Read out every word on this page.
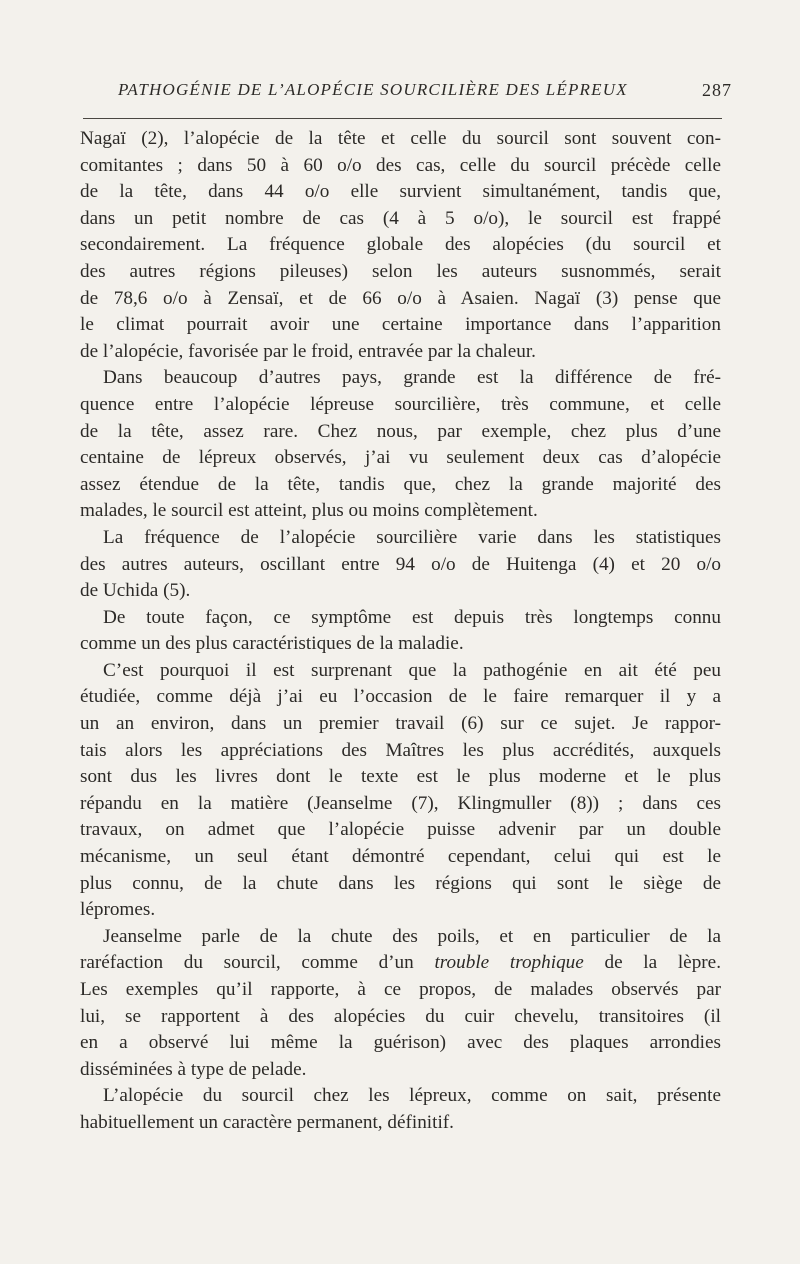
PATHOGÉNIE DE L’ALOPÉCIE SOURCILIÈRE DES LÉPREUX	287

Nagaï (2), l’alopécie de la tête et celle du sourcil sont souvent con-
comitantes ; dans 50 à 60 o/o des cas, celle du sourcil précède celle
de la tête, dans 44 o/o elle survient simultanément, tandis que,
dans un petit nombre de cas (4 à 5 o/o), le sourcil est frappé
secondairement. La fréquence globale des alopécies (du sourcil et
des autres régions pileuses) selon les auteurs susnommés, serait
de 78,6 o/o à Zensaï, et de 66 o/o à Asaien. Nagaï (3) pense que
le climat pourrait avoir une certaine importance dans l’apparition
de l’alopécie, favorisée par le froid, entravée par la chaleur.

Dans beaucoup d’autres pays, grande est la différence de fré-
quence entre l’alopécie lépreuse sourcilière, très commune, et celle
de la tête, assez rare. Chez nous, par exemple, chez plus d’une
centaine de lépreux observés, j’ai vu seulement deux cas d’alopécie
assez étendue de la tête, tandis que, chez la grande majorité des
malades, le sourcil est atteint, plus ou moins complètement.

La fréquence de l’alopécie sourcilière varie dans les statistiques
des autres auteurs, oscillant entre 94 o/o de Huitenga (4) et 20 o/o
de Uchida (5).

De toute façon, ce symptôme est depuis très longtemps connu
comme un des plus caractéristiques de la maladie.

C’est pourquoi il est surprenant que la pathogénie en ait été peu
étudiée, comme déjà j’ai eu l’occasion de le faire remarquer il y a
un an environ, dans un premier travail (6) sur ce sujet. Je rappor-
tais alors les appréciations des Maîtres les plus accrédités, auxquels
sont dus les livres dont le texte est le plus moderne et le plus
répandu en la matière (Jeanselme (7), Klingmuller (8)) ; dans ces
travaux, on admet que l’alopécie puisse advenir par un double
mécanisme, un seul étant démontré cependant, celui qui est le
plus connu, de la chute dans les régions qui sont le siège de
lépromes.

Jeanselme parle de la chute des poils, et en particulier de la
raréfaction du sourcil, comme d’un trouble trophique de la lèpre.
Les exemples qu’il rapporte, à ce propos, de malades observés par
lui, se rapportent à des alopécies du cuir chevelu, transitoires (il
en a observé lui même la guérison) avec des plaques arrondies
disséminées à type de pelade.

L’alopécie du sourcil chez les lépreux, comme on sait, présente
habituellement un caractère permanent, définitif.
